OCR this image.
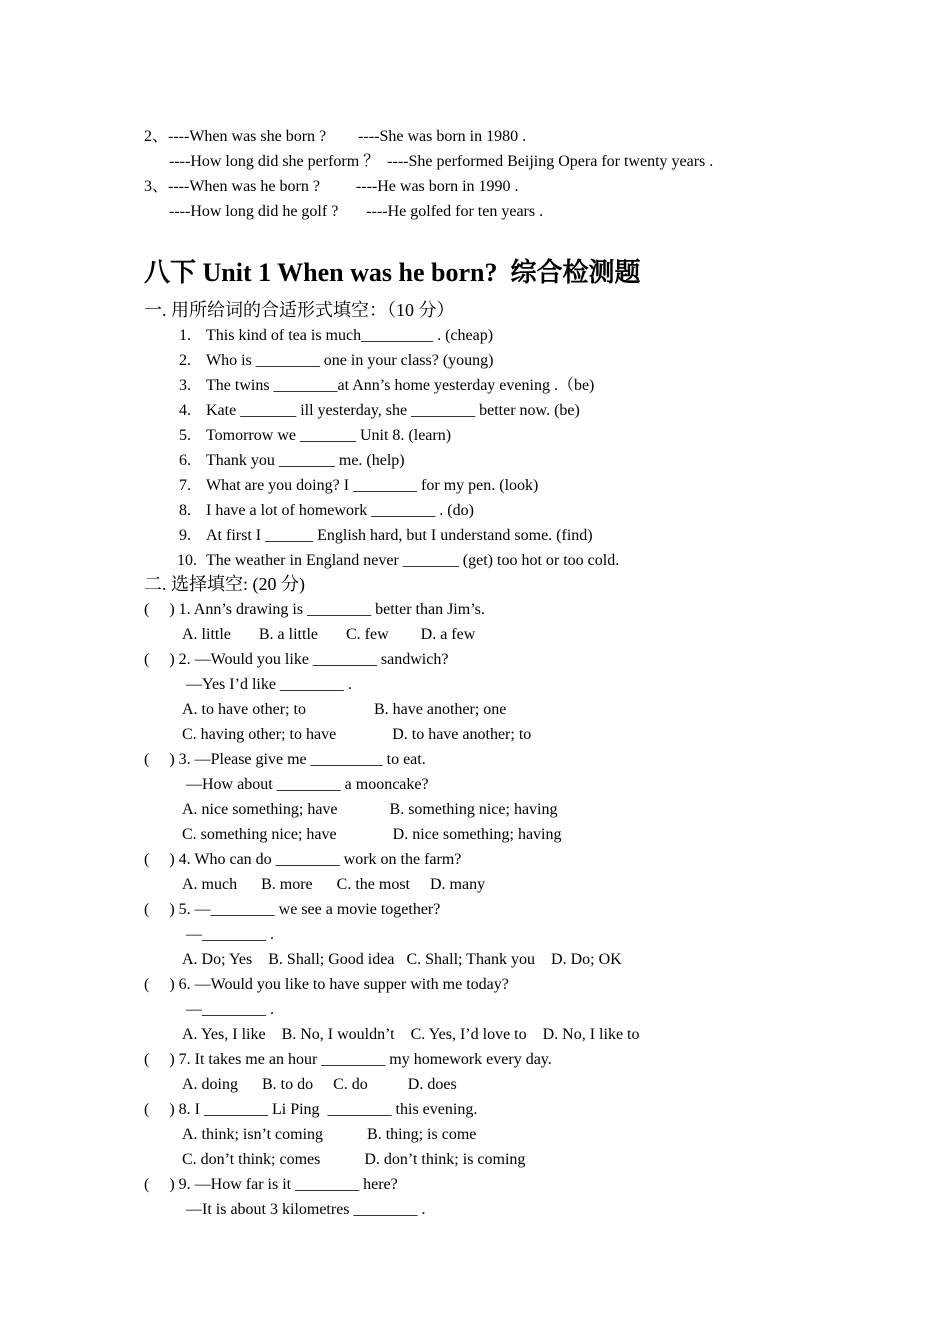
2、----When was she born ?        ----She was born in 1980 .
----How long did she perform ？  ----She performed Beijing Opera for twenty years .
3、----When was he born ?         ----He was born in 1990 .
----How long did he golf ?       ----He golfed for ten years .
八下 Unit 1 When was he born?  综合检测题
一. 用所给词的合适形式填空：（10 分）
1. This kind of tea is much_________ . (cheap)
2. Who is ________ one in your class? (young)
3. The twins ________at Ann’s home yesterday evening .（be)
4. Kate _______ ill yesterday, she ________ better now. (be)
5. Tomorrow we _______ Unit 8. (learn)
6. Thank you _______ me. (help)
7. What are you doing? I ________ for my pen. (look)
8. I have a lot of homework ________ . (do)
9. At first I ______ English hard, but I understand some. (find)
10. The weather in England never _______ (get) too hot or too cold.
二. 选择填空: (20 分)
(     ) 1. Ann’s drawing is ________ better than Jim’s.
A. little       B. a little       C. few        D. a few
(     ) 2. —Would you like ________ sandwich?
—Yes I’d like ________ .
A. to have other; to                 B. have another; one
C. having other; to have              D. to have another; to
(     ) 3. —Please give me _________ to eat.
—How about ________ a mooncake?
A. nice something; have             B. something nice; having
C. something nice; have              D. nice something; having
(     ) 4. Who can do ________ work on the farm?
A. much      B. more      C. the most     D. many
(     ) 5. —________ we see a movie together?
—________ .
A. Do; Yes    B. Shall; Good idea   C. Shall; Thank you    D. Do; OK
(     ) 6. —Would you like to have supper with me today?
—________ .
A. Yes, I like    B. No, I wouldn’t    C. Yes, I’d love to    D. No, I like to
(     ) 7. It takes me an hour ________ my homework every day.
A. doing      B. to do     C. do          D. does
(     ) 8. I ________ Li Ping  ________ this evening.
A. think; isn’t coming           B. thing; is come
C. don’t think; comes           D. don’t think; is coming
(     ) 9. —How far is it ________ here?
—It is about 3 kilometres ________ .
